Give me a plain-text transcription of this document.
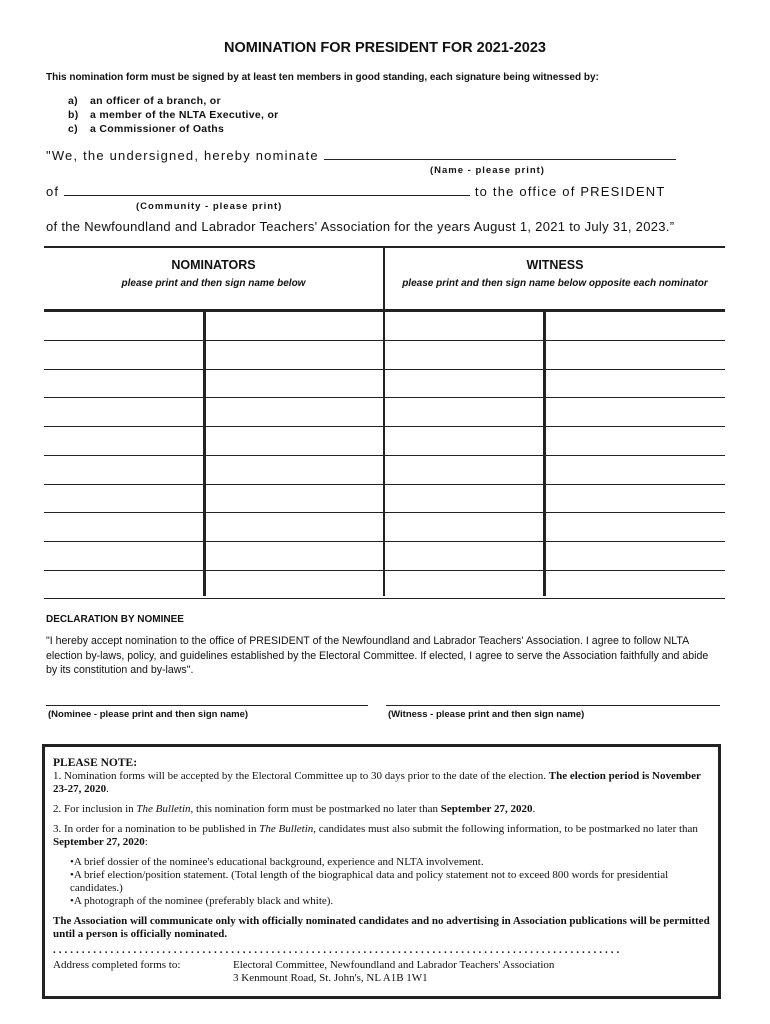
NOMINATION FOR PRESIDENT FOR 2021-2023
This nomination form must be signed by at least ten members in good standing, each signature being witnessed by:
a) an officer of a branch, or
b) a member of the NLTA Executive, or
c) a Commissioner of Oaths
"We, the undersigned, hereby nominate
(Name - please print)
of	to the office of PRESIDENT
(Community - please print)
of the Newfoundland and Labrador Teachers' Association for the years August 1, 2021 to July 31, 2023.”
NOMINATORS
please print and then sign name below
WITNESS
please print and then sign name below opposite each nominator
DECLARATION BY NOMINEE
"I hereby accept nomination to the office of PRESIDENT of the Newfoundland and Labrador Teachers' Association. I agree to follow NLTA election by-laws, policy, and guidelines established by the Electoral Committee. If elected, I agree to serve the Association faithfully and abide by its constitution and by-laws".
(Nominee - please print and then sign name)	(Witness - please print and then sign name)
PLEASE NOTE:
1. Nomination forms will be accepted by the Electoral Committee up to 30 days prior to the date of the election. The election period is November 23-27, 2020.
2. For inclusion in The Bulletin, this nomination form must be postmarked no later than September 27, 2020.
3. In order for a nomination to be published in The Bulletin, candidates must also submit the following information, to be postmarked no later than September 27, 2020:
•A brief dossier of the nominee's educational background, experience and NLTA involvement.
•A brief election/position statement. (Total length of the biographical data and policy statement not to exceed 800 words for presidential candidates.)
•A photograph of the nominee (preferably black and white).
The Association will communicate only with officially nominated candidates and no advertising in Association publications will be permitted until a person is officially nominated.
...................................................................................................
Address completed forms to:	Electoral Committee, Newfoundland and Labrador Teachers' Association
3 Kenmount Road, St. John's, NL A1B 1W1
